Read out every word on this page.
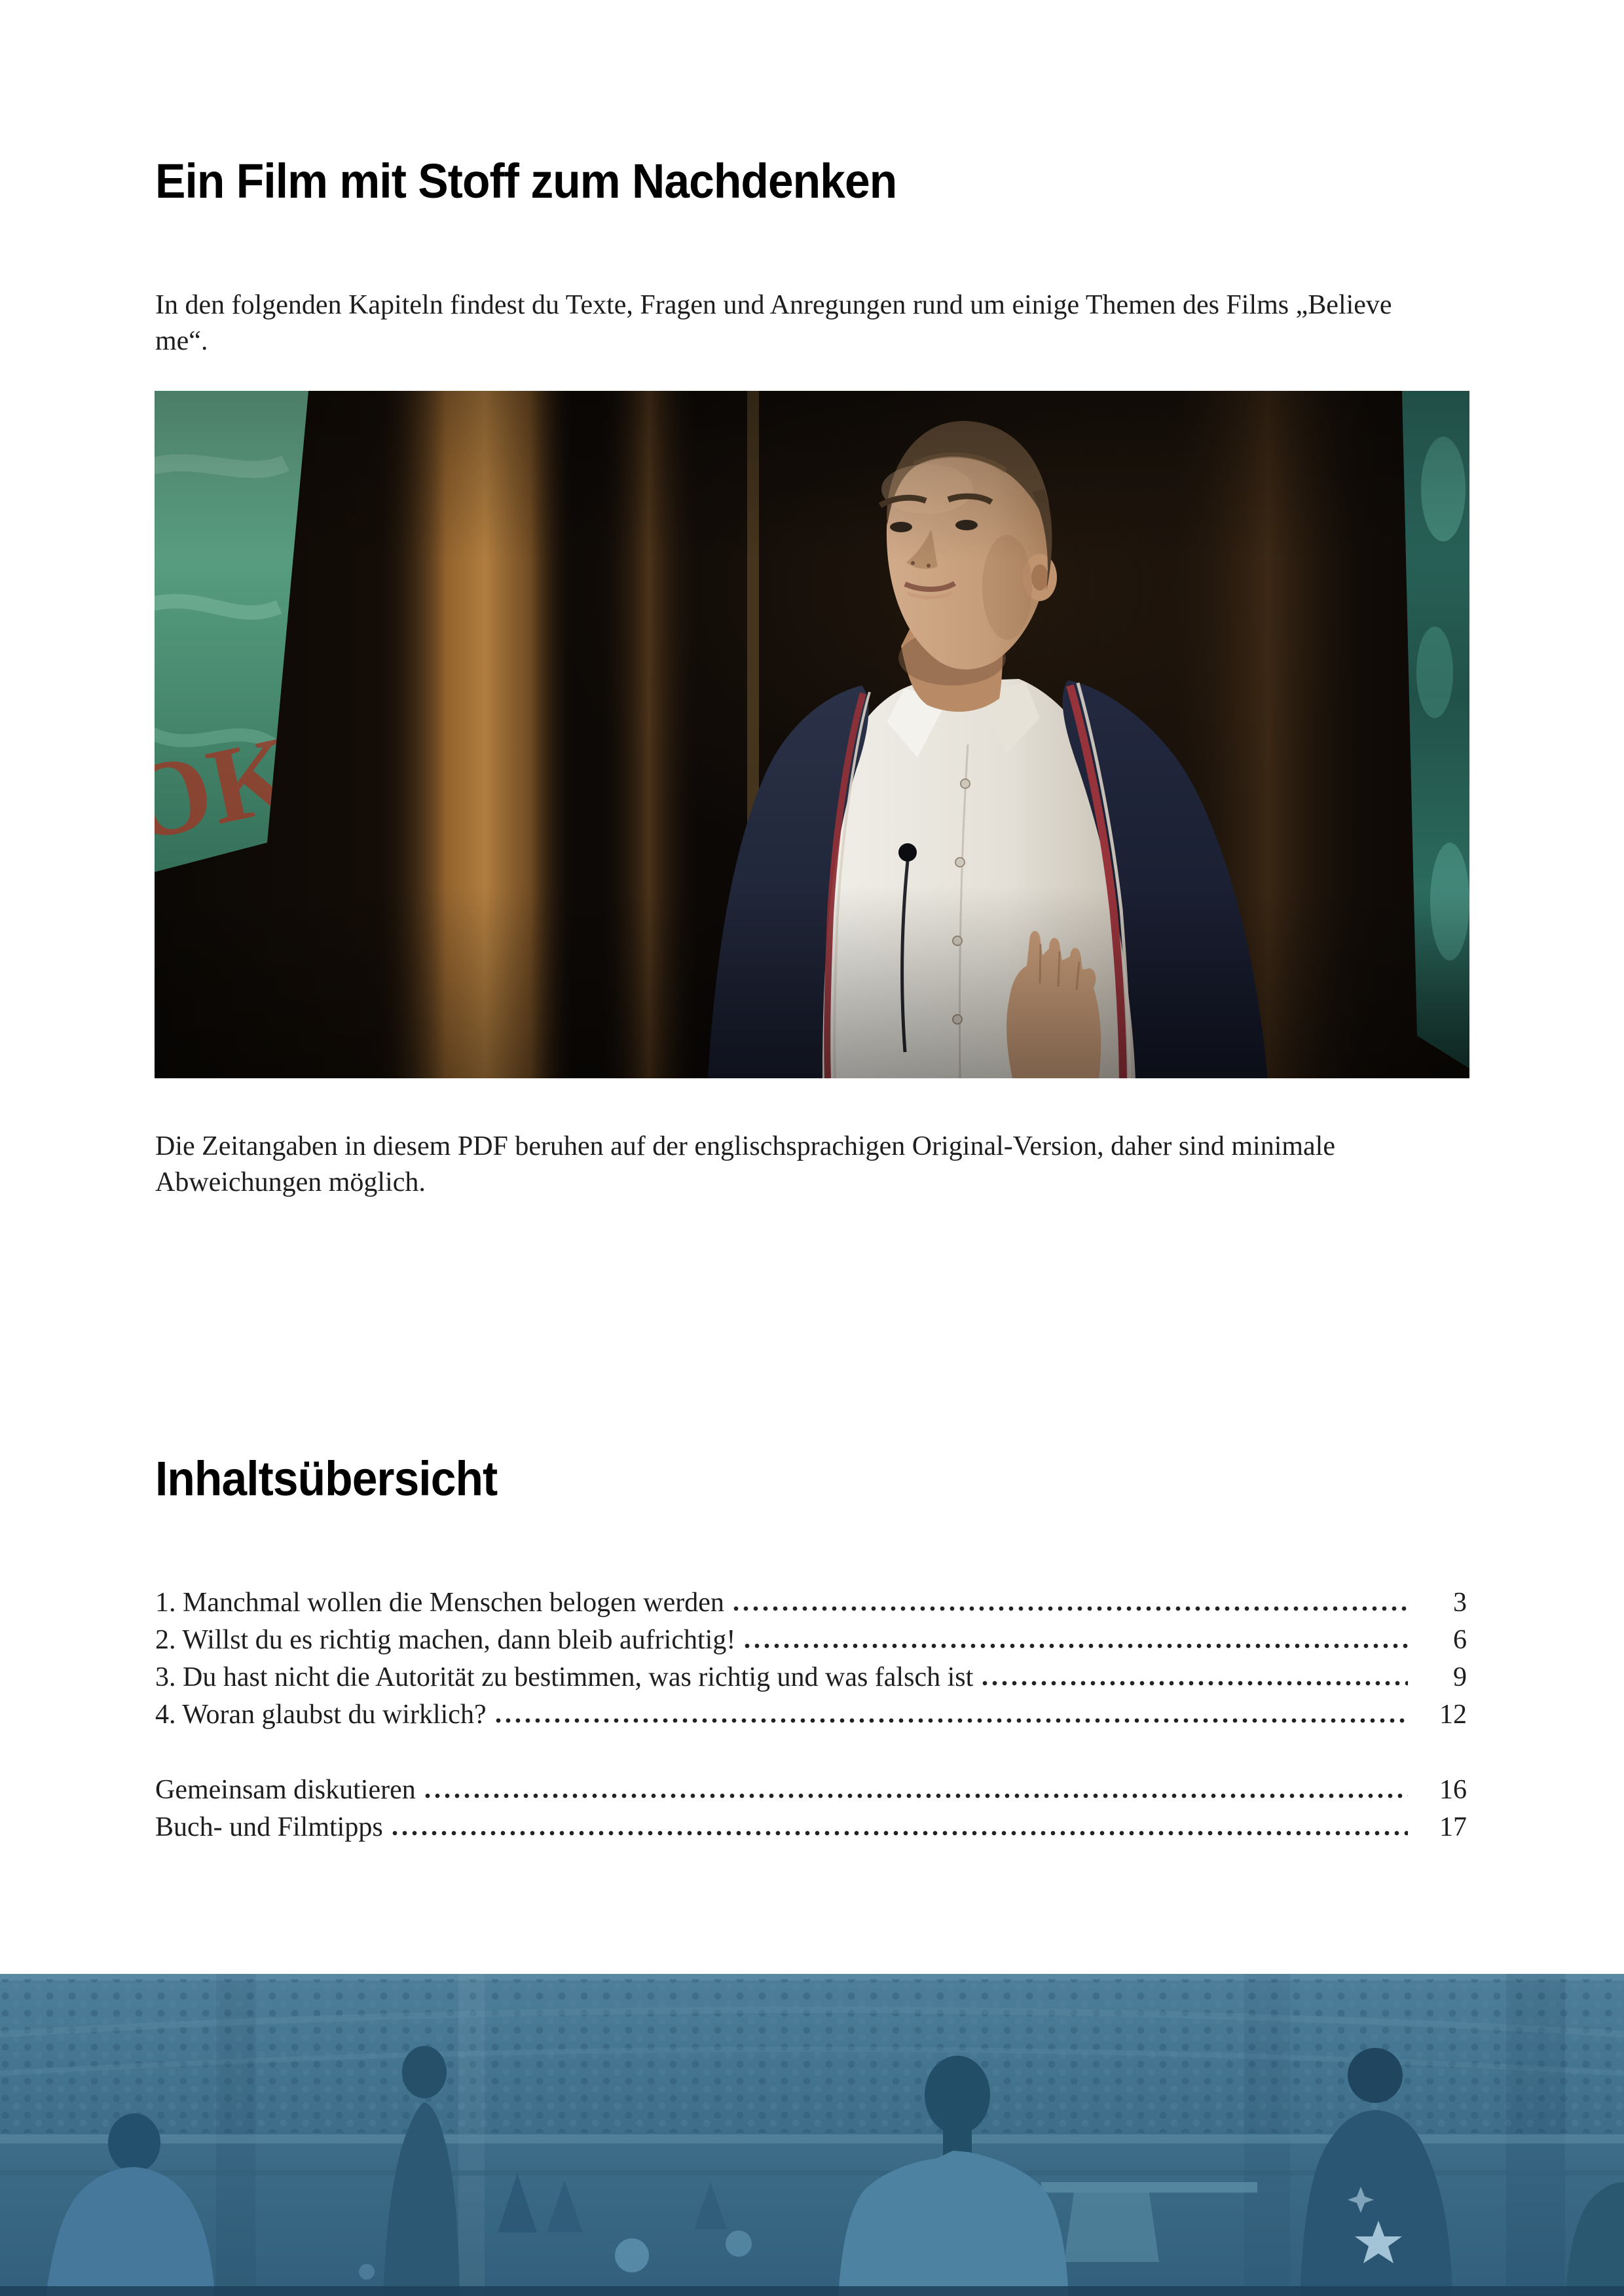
Ein Film mit Stoff zum Nachdenken

In den folgenden Kapiteln findest du Texte, Fragen und Anregungen rund um einige Themen des Films „Believe me“.

Die Zeitangaben in diesem PDF beruhen auf der englischsprachigen Original-Version, daher sind minimale Abweichungen möglich.

Inhaltsübersicht
1. Manchmal wollen die Menschen belogen werden	3
2. Willst du es richtig machen, dann bleib aufrichtig!	6
3. Du hast nicht die Autorität zu bestimmen, was richtig und was falsch ist	9
4. Woran glaubst du wirklich?	12
Gemeinsam diskutieren	16
Buch- und Filmtipps	17
